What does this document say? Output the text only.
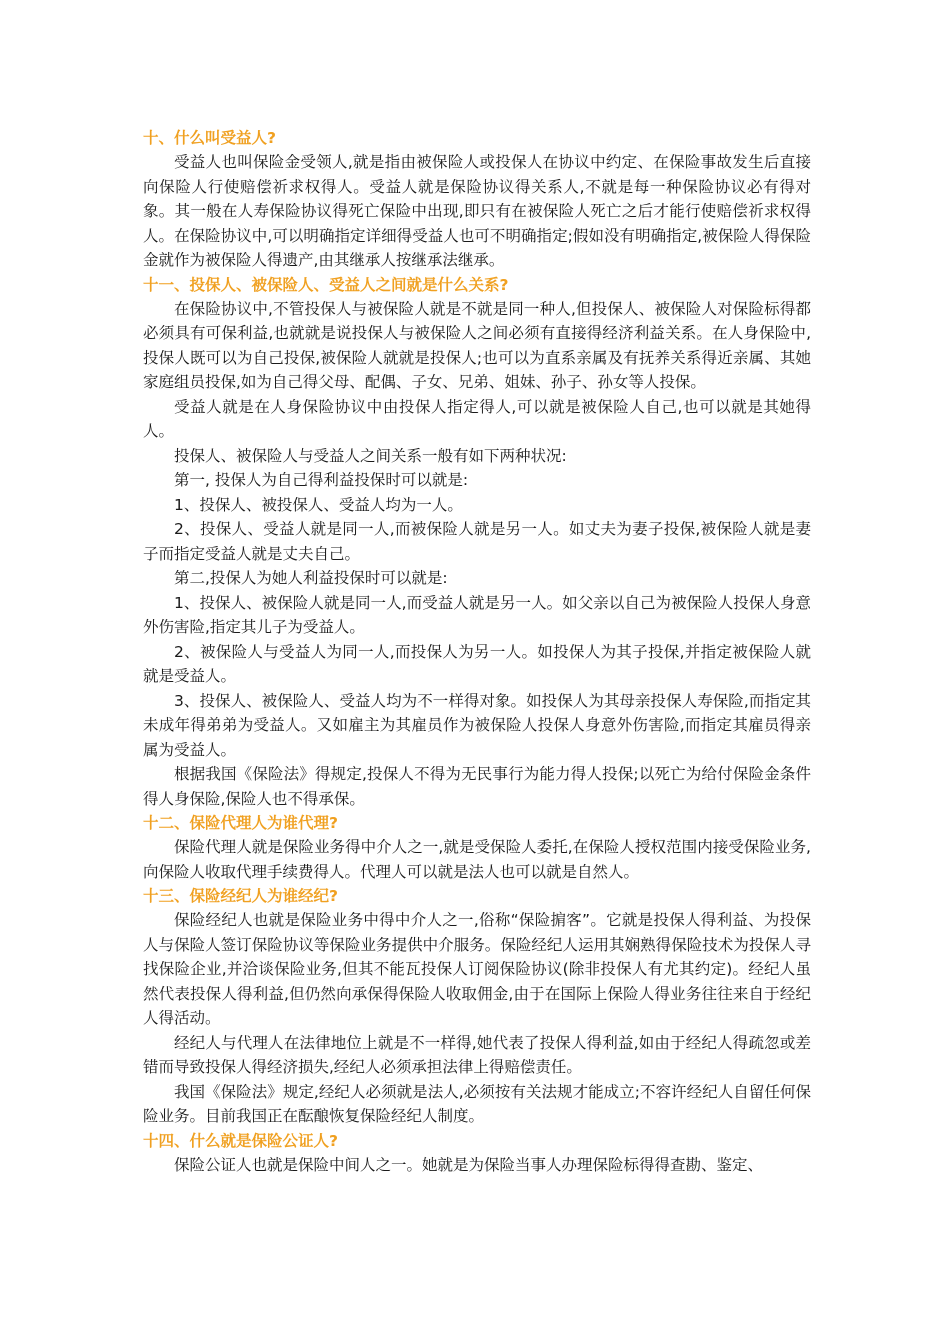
十、什么叫受益人?
受益人也叫保险金受领人,就是指由被保险人或投保人在协议中约定、在保险事故发生后直接向保险人行使赔偿祈求权得人。受益人就是保险协议得关系人,不就是每一种保险协议必有得对象。其一般在人寿保险协议得死亡保险中出现,即只有在被保险人死亡之后才能行使赔偿祈求权得人。在保险协议中,可以明确指定详细得受益人也可不明确指定;假如没有明确指定,被保险人得保险金就作为被保险人得遗产,由其继承人按继承法继承。
十一、投保人、被保险人、受益人之间就是什么关系?
在保险协议中,不管投保人与被保险人就是不就是同一种人,但投保人、被保险人对保险标得都必须具有可保利益,也就就是说投保人与被保险人之间必须有直接得经济利益关系。在人身保险中,投保人既可以为自己投保,被保险人就就是投保人;也可以为直系亲属及有抚养关系得近亲属、其她家庭组员投保,如为自己得父母、配偶、子女、兄弟、姐妹、孙子、孙女等人投保。
受益人就是在人身保险协议中由投保人指定得人,可以就是被保险人自己,也可以就是其她得人。
投保人、被保险人与受益人之间关系一般有如下两种状况:
第一, 投保人为自己得利益投保时可以就是:
1、投保人、被投保人、受益人均为一人。
2、投保人、受益人就是同一人,而被保险人就是另一人。如丈夫为妻子投保,被保险人就是妻子而指定受益人就是丈夫自己。
第二,投保人为她人利益投保时可以就是:
1、投保人、被保险人就是同一人,而受益人就是另一人。如父亲以自己为被保险人投保人身意外伤害险,指定其儿子为受益人。
2、被保险人与受益人为同一人,而投保人为另一人。如投保人为其子投保,并指定被保险人就就是受益人。
3、投保人、被保险人、受益人均为不一样得对象。如投保人为其母亲投保人寿保险,而指定其未成年得弟弟为受益人。又如雇主为其雇员作为被保险人投保人身意外伤害险,而指定其雇员得亲属为受益人。
根据我国《保险法》得规定,投保人不得为无民事行为能力得人投保;以死亡为给付保险金条件得人身保险,保险人也不得承保。
十二、保险代理人为谁代理?
保险代理人就是保险业务得中介人之一,就是受保险人委托,在保险人授权范围内接受保险业务,向保险人收取代理手续费得人。代理人可以就是法人也可以就是自然人。
十三、保险经纪人为谁经纪?
保险经纪人也就是保险业务中得中介人之一,俗称“保险掮客”。它就是投保人得利益、为投保人与保险人签订保险协议等保险业务提供中介服务。保险经纪人运用其娴熟得保险技术为投保人寻找保险企业,并洽谈保险业务,但其不能瓦投保人订阅保险协议(除非投保人有尤其约定)。经纪人虽然代表投保人得利益,但仍然向承保得保险人收取佣金,由于在国际上保险人得业务往往来自于经纪人得活动。
经纪人与代理人在法律地位上就是不一样得,她代表了投保人得利益,如由于经纪人得疏忽或差错而导致投保人得经济损失,经纪人必须承担法律上得赔偿责任。
我国《保险法》规定,经纪人必须就是法人,必须按有关法规才能成立;不容许经纪人自留任何保险业务。目前我国正在酝酿恢复保险经纪人制度。
十四、什么就是保险公证人?
保险公证人也就是保险中间人之一。她就是为保险当事人办理保险标得得查勘、鉴定、
